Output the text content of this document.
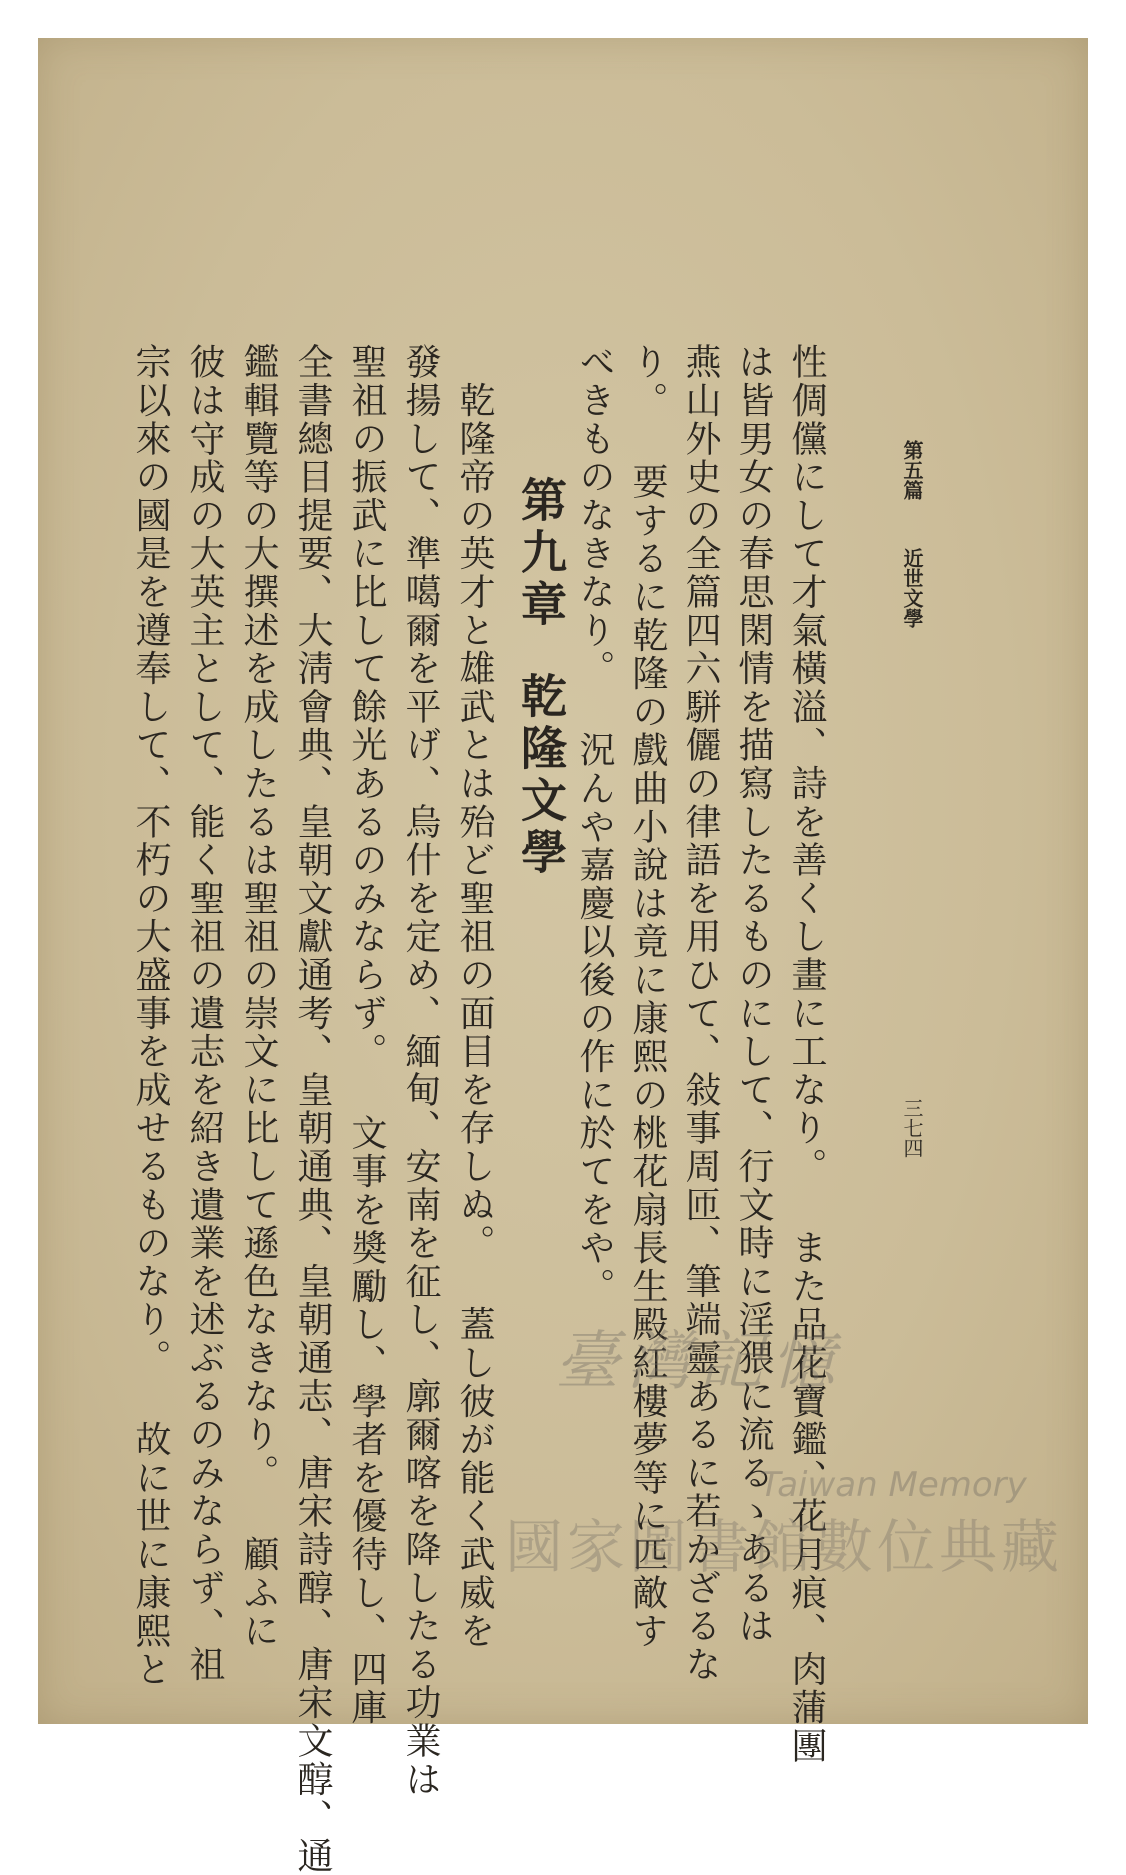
第五篇近世文學
三七四
性倜儻にして才氣橫溢、詩を善くし畫に工なり。 また品花寶鑑、花月痕、肉蒲團
は皆男女の春思閑情を描寫したるものにして、行文時に淫猥に流るゝあるは
燕山外史の全篇四六駢儷の律語を用ひて、敍事周匝、筆端靈あるに若かざるな
り。 要するに乾隆の戲曲小說は竟に康熙の桃花扇長生殿紅樓夢等に匹敵す
べきものなきなり。 況んや嘉慶以後の作に於てをや。
第九章乾隆文學
　乾隆帝の英才と雄武とは殆ど聖祖の面目を存しぬ。 蓋し彼が能く武威を
發揚して、準噶爾を平げ、烏什を定め、緬甸、安南を征し、廓爾喀を降したる功業は
聖祖の振武に比して餘光あるのみならず。 文事を奬勵し、學者を優待し、四庫
全書總目提要、大淸會典、皇朝文獻通考、皇朝通典、皇朝通志、唐宋詩醇、唐宋文醇、通
鑑輯覽等の大撰述を成したるは聖祖の崇文に比して遜色なきなり。 顧ふに
彼は守成の大英主として、能く聖祖の遺志を紹き遺業を述ぶるのみならず、祖
宗以來の國是を遵奉して、不朽の大盛事を成せるものなり。 故に世に康熙と	臺灣記憶
Taiwan Memory
國家圖書館數位典藏
